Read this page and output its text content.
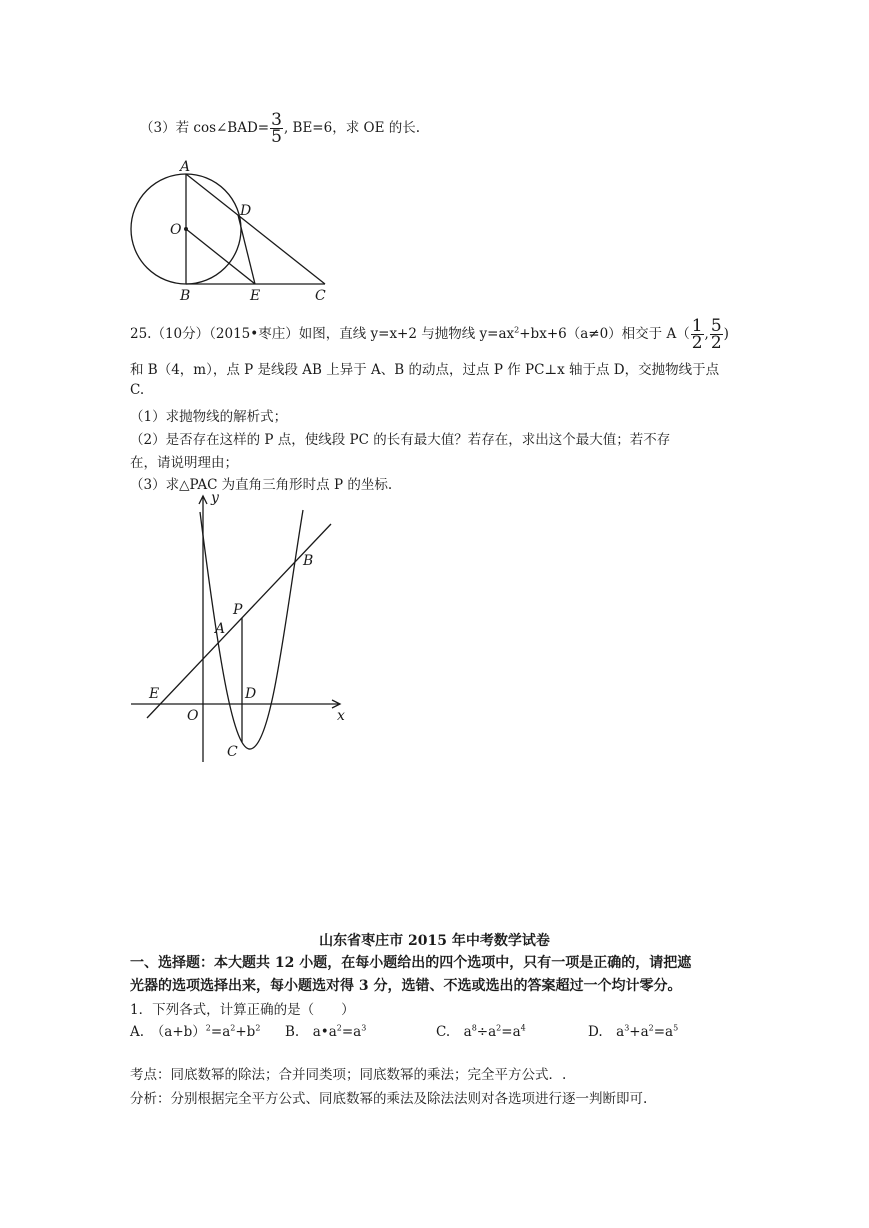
（3）若 cos∠BAD= $\frac{3}{5}$ , BE=6，求 OE 的长.
A
D
O
B	E	C
25.（10分）（2015•枣庄）如图，直线 y=x+2 与抛物线 $y=ax^2+bx+6(a\ne 0)$相交于 $A( \frac{1}{2}$ , $\frac{5}{2}$ )
和 B（4，m），点 P 是线段 AB 上异于 A、B 的动点，过点 P 作 PC⊥x 轴于点 D，交抛物线于点
C.
（1）求抛物线的解析式；
（2）是否存在这样的 P 点，使线段 PC 的长有最大值？若存在，求出这个最大值；若不存
在，请说明理由；
（3）求△PAC 为直角三角形时点 P 的坐标.
y
x
B
P
A
E	D
O
C
山东省枣庄市 2015 年中考数学试卷
一、选择题：本大题共 12 小题，在每小题给出的四个选项中，只有一项是正确的，请把遮
光器的选项选择出来，每小题选对得 3 分，选错、不选或选出的答案超过一个均计零分。
1．下列各式，计算正确的是（　　）
A.　$(a+b)^2=a^2+b^2$ B.　$a•a^2=a^3$	C.　$a^8\div a^2=a^4$	D.　$a^3+a^2=a^5$
考点：同底数幂的除法；合并同类项；同底数幂的乘法；完全平方公式．.
分析：分别根据完全平方公式、同底数幂的乘法及除法法则对各选项进行逐一判断即可.
